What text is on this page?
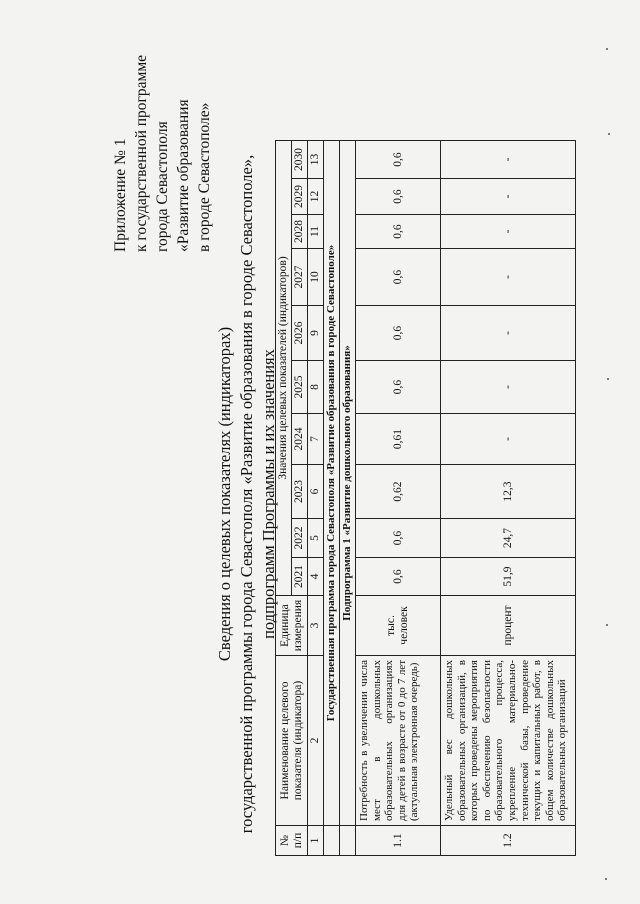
Приложение № 1 к государственной программе города Севастополя «Развитие образования в городе Севастополе»
Сведения о целевых показателях (индикаторах) государственной программы города Севастополя «Развитие образования в городе Севастополе», подпрограмм Программы и их значениях
№ п/п	Наименование целевого показателя (индикатора)	Единица измерения	Значения целевых показателей (индикаторов)									
			2021	2022	2023	2024	2025	2026	2027	2028	2029	2030
1	2	3	4	5	6	7	8	9	10	11	12	13
	Государственная программа города Севастополя «Развитие образования в городе Севастополе»											
	Подпрограмма 1 «Развитие дошкольного образования»											
1.1	Потребность в увеличении числа мест в дошкольных образовательных организациях для детей в возрасте от 0 до 7 лет (актуальная электронная очередь)	тыс. человек	0,6	0,6	0,62	0,61	0,6	0,6	0,6	0,6	0,6	0,6
1.2	Удельный вес дошкольных образовательных организаций, в которых проведены мероприятия по обеспечению безопасности образовательного процесса, укрепление материально-технической базы, проведение текущих и капитальных работ, в общем количестве дошкольных образовательных организаций	процент	51,9	24,7	12,3	-	-	-	-	-	-	-
